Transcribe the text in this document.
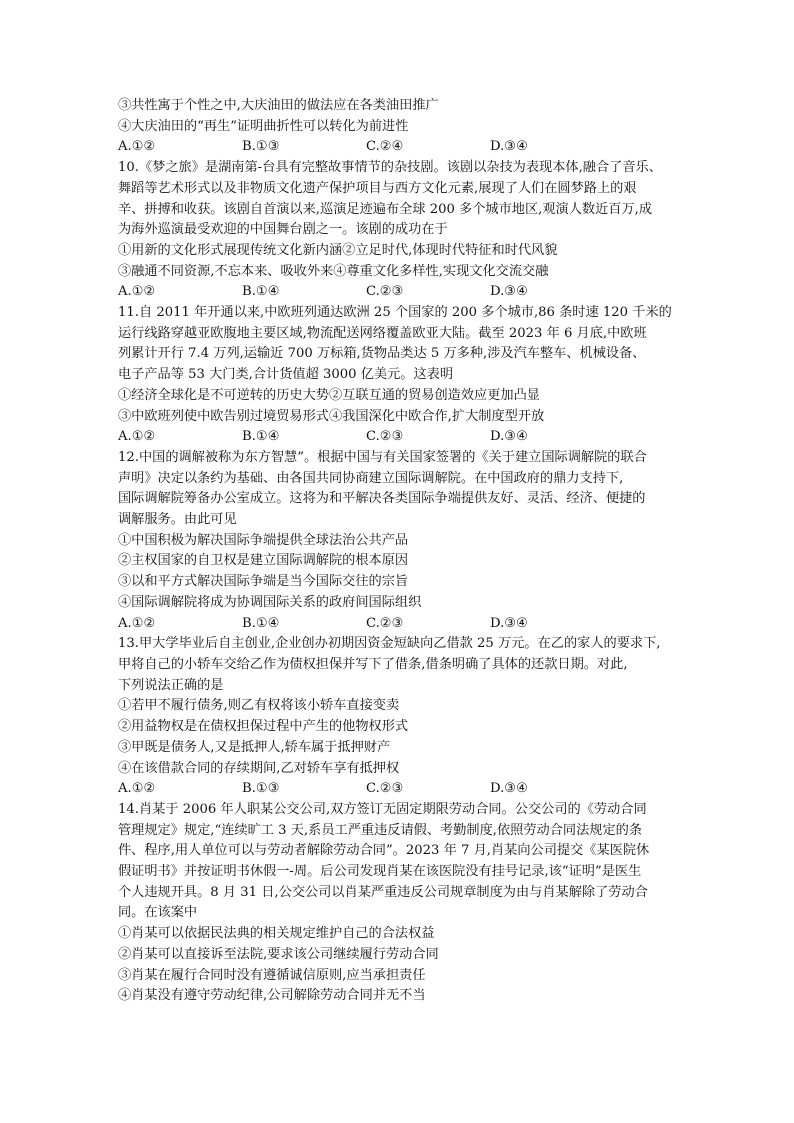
③共性寓于个性之中,大庆油田的做法应在各类油田推广
④大庆油田的“再生”证明曲折性可以转化为前进性
A.①②	B.①③	C.②④	D.③④
10.《梦之旅》是湖南第-台具有完整故事情节的杂技剧。该剧以杂技为表现本体,融合了音乐、
舞蹈等艺术形式以及非物质文化遗产保护项目与西方文化元素,展现了人们在圆梦路上的艰
辛、拼搏和收获。该剧自首演以来,巡演足迹遍布全球 200 多个城市地区,观演人数近百万,成
为海外巡演最受欢迎的中国舞台剧之一。该剧的成功在于
①用新的文化形式展现传统文化新内涵②立足时代,体现时代特征和时代风貌
③融通不同资源,不忘本来、吸收外来④尊重文化多样性,实现文化交流交融
A.①②	B.①④	C.②③	D.③④
11.自 2011 年开通以来,中欧班列通达欧洲 25 个国家的 200 多个城市,86 条时速 120 千米的
运行线路穿越亚欧腹地主要区域,物流配送网络覆盖欧亚大陆。截至 2023 年 6 月底,中欧班
列累计开行 7.4 万列,运输近 700 万标箱,货物品类达 5 万多种,涉及汽车整车、机械设备、
电子产品等 53 大门类,合计货值超 3000 亿美元。这表明
①经济全球化是不可逆转的历史大势②互联互通的贸易创造效应更加凸显
③中欧班列使中欧告别过境贸易形式④我国深化中欧合作,扩大制度型开放
A.①②	B.①④	C.②③	D.③④
12.中国的调解被称为东方智慧”。根据中国与有关国家签署的《关于建立国际调解院的联合
声明》决定以条约为基础、由各国共同协商建立国际调解院。在中国政府的鼎力支持下,
国际调解院筹备办公室成立。这将为和平解决各类国际争端提供友好、灵活、经济、便捷的
调解服务。由此可见
①中国积极为解决国际争端提供全球法治公共产品
②主权国家的自卫权是建立国际调解院的根本原因
③以和平方式解决国际争端是当今国际交往的宗旨
④国际调解院将成为协调国际关系的政府间国际组织
A.①②	B.①④	C.②③	D.③④
13.甲大学毕业后自主创业,企业创办初期因资金短缺向乙借款 25 万元。在乙的家人的要求下,
甲将自己的小轿车交给乙作为债权担保并写下了借条,借条明确了具体的还款日期。对此,
下列说法正确的是
①若甲不履行债务,则乙有权将该小轿车直接变卖
②用益物权是在债权担保过程中产生的他物权形式
③甲既是债务人,又是抵押人,轿车属于抵押财产
④在该借款合同的存续期间,乙对轿车享有抵押权
A.①②	B.①③	C.②③	D.③④
14.肖某于 2006 年人职某公交公司,双方签订无固定期限劳动合同。公交公司的《劳动合同
管理规定》规定,“连续旷工 3 天,系员工严重违反请假、考勤制度,依照劳动合同法规定的条
件、程序,用人单位可以与劳动者解除劳动合同”。2023 年 7 月,肖某向公司提交《某医院休
假证明书》并按证明书休假一-周。后公司发现肖某在该医院没有挂号记录,该“证明”是医生
个人违规开具。8 月 31 日,公交公司以肖某严重违反公司规章制度为由与肖某解除了劳动合
同。在该案中
①肖某可以依据民法典的相关规定维护自己的合法权益
②肖某可以直接诉至法院,要求该公司继续履行劳动合同
③肖某在履行合同时没有遵循诚信原则,应当承担责任
④肖某没有遵守劳动纪律,公司解除劳动合同并无不当
